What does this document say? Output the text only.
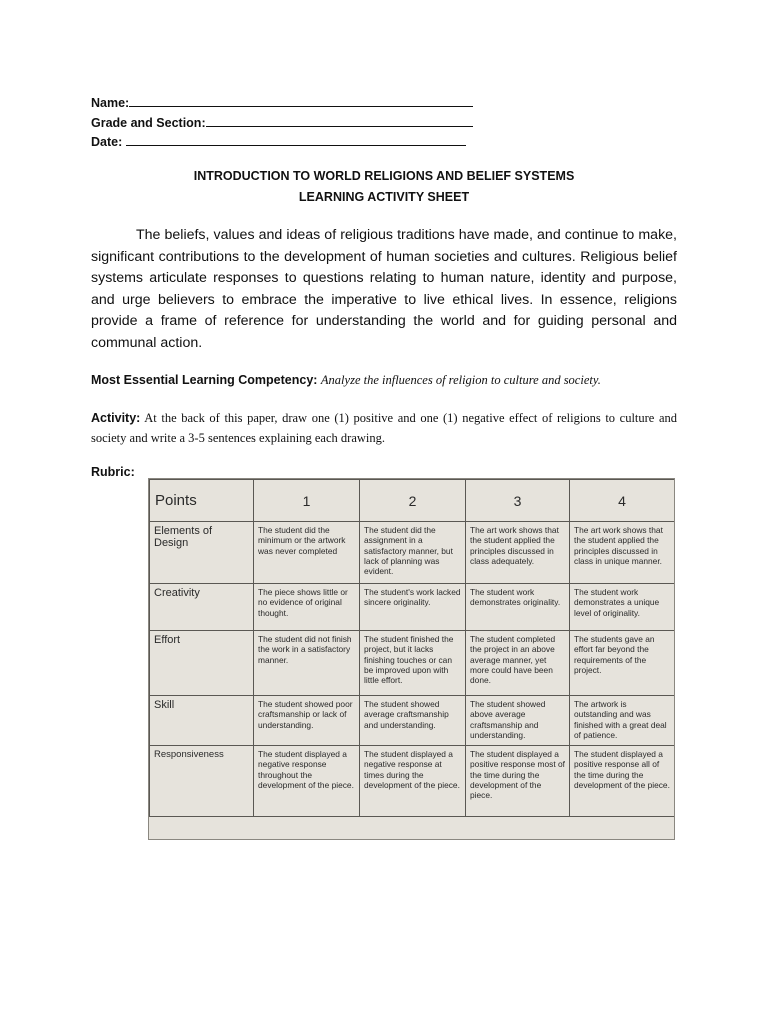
Name:
Grade and Section:
Date:
INTRODUCTION TO WORLD RELIGIONS AND BELIEF SYSTEMS
LEARNING ACTIVITY SHEET

The beliefs, values and ideas of religious traditions have made, and continue to make, significant contributions to the development of human societies and cultures. Religious belief systems articulate responses to questions relating to human nature, identity and purpose, and urge believers to embrace the imperative to live ethical lives. In essence, religions provide a frame of reference for understanding the world and for guiding personal and communal action.

Most Essential Learning Competency: Analyze the influences of religion to culture and society.

Activity: At the back of this paper, draw one (1) positive and one (1) negative effect of religions to culture and society and write a 3-5 sentences explaining each drawing.

Rubric:
Points	1	2	3	4
Elements of Design	The student did the minimum or the artwork was never completed	The student did the assignment in a satisfactory manner, but lack of planning was evident.	The art work shows that the student applied the principles discussed in class adequately.	The art work shows that the student applied the principles discussed in class in unique manner.
Creativity	The piece shows little or no evidence of original thought.	The student's work lacked sincere originality.	The student work demonstrates originality.	The student work demonstrates a unique level of originality.
Effort	The student did not finish the work in a satisfactory manner.	The student finished the project, but it lacks finishing touches or can be improved upon with little effort.	The student completed the project in an above average manner, yet more could have been done.	The students gave an effort far beyond the requirements of the project.
Skill	The student showed poor craftsmanship or lack of understanding.	The student showed average craftsmanship and understanding.	The student showed above average craftsmanship and understanding.	The artwork is outstanding and was finished with a great deal of patience.
Responsiveness	The student displayed a negative response throughout the development of the piece.	The student displayed a negative response at times during the development of the piece.	The student displayed a positive response most of the time during the development of the piece.	The student displayed a positive response all of the time during the development of the piece.
